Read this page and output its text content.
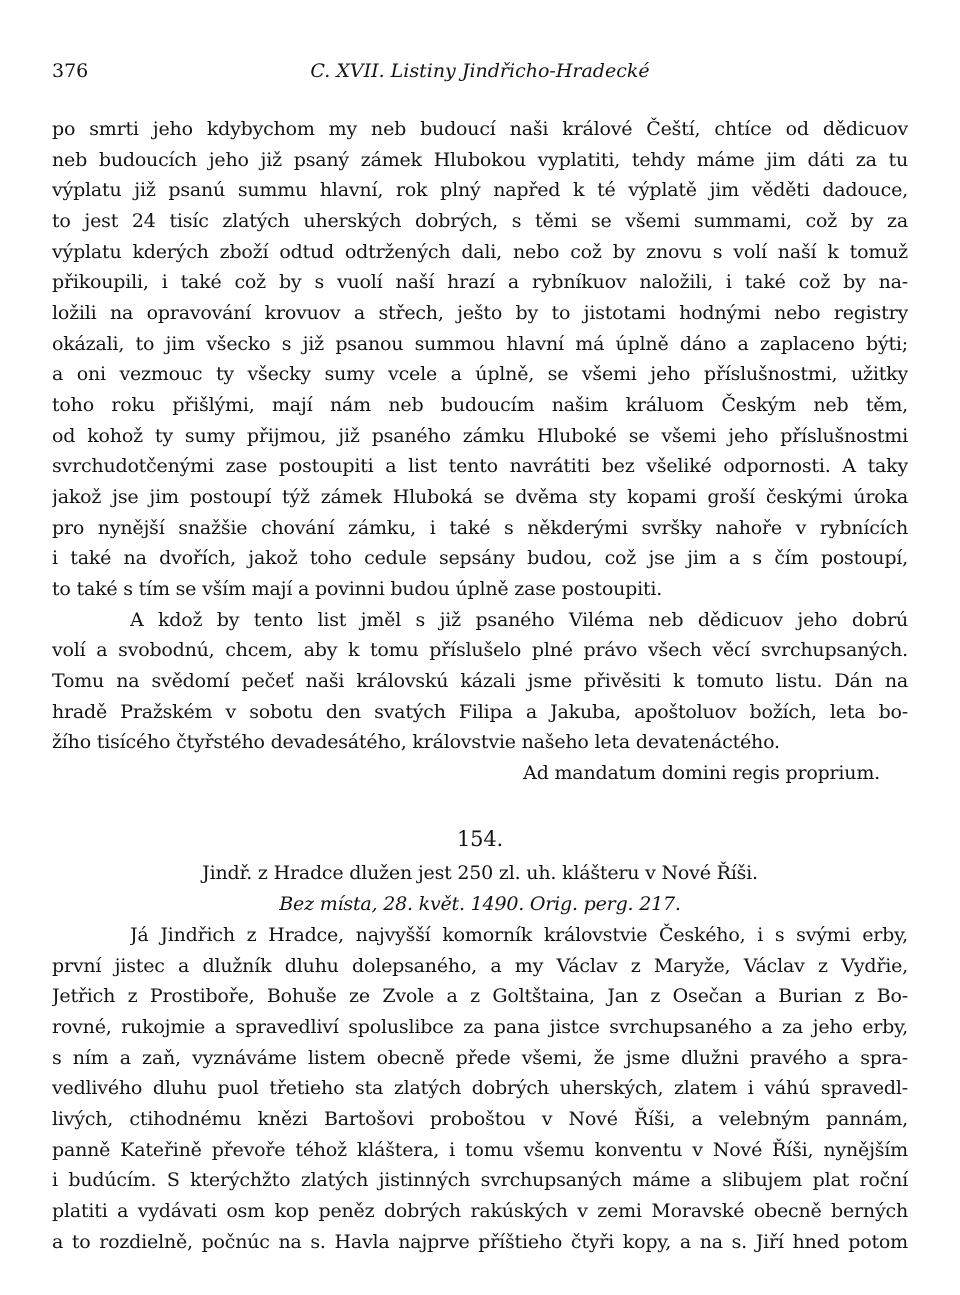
376	C. XVII. Listiny Jindřicho-Hradecké
po smrti jeho kdybychom my neb budoucí naši králové Čeští, chtíce od dědicuov
neb budoucích jeho již psaný zámek Hlubokou vyplatiti, tehdy máme jim dáti za tu
výplatu již psanú summu hlavní, rok plný napřed k té výplatě jim věděti dadouce,
to jest 24 tisíc zlatých uherských dobrých, s těmi se všemi summami, což by za
výplatu kderých zboží odtud odtržených dali, nebo což by znovu s volí naší k tomuž
přikoupili, i také což by s vuolí naší hrazí a rybníkuov naložili, i také což by na-
ložili na opravování krovuov a střech, ješto by to jistotami hodnými nebo registry
okázali, to jim všecko s již psanou summou hlavní má úplně dáno a zaplaceno býti;
a oni vezmouc ty všecky sumy vcele a úplně, se všemi jeho příslušnostmi, užitky
toho roku přišlými, mají nám neb budoucím našim králuom Českým neb těm,
od kohož ty sumy přijmou, již psaného zámku Hluboké se všemi jeho příslušnostmi
svrchudotčenými zase postoupiti a list tento navrátiti bez všeliké odpornosti. A taky
jakož jse jim postoupí týž zámek Hluboká se dvěma sty kopami groší českými úroka
pro nynější snažšie chování zámku, i také s někderými svršky nahoře v rybnících
i také na dvořích, jakož toho cedule sepsány budou, což jse jim a s čím postoupí,
to také s tím se vším mají a povinni budou úplně zase postoupiti.
A kdož by tento list jměl s již psaného Viléma neb dědicuov jeho dobrú
volí a svobodnú, chcem, aby k tomu příslušelo plné právo všech věcí svrchupsaných.
Tomu na svědomí pečeť naši královskú kázali jsme přivěsiti k tomuto listu. Dán na
hradě Pražském v sobotu den svatých Filipa a Jakuba, apoštoluov božích, leta bo-
žího tisícého čtyřstého devadesátého, královstvie našeho leta devatenáctého.
Ad mandatum domini regis proprium.
154.
Jindř. z Hradce dlužen jest 250 zl. uh. klášteru v Nové Říši.
Bez místa, 28. květ. 1490. Orig. perg. 217.
Já Jindřich z Hradce, najvyšší komorník královstvie Českého, i s svými erby,
první jistec a dlužník dluhu dolepsaného, a my Václav z Maryže, Václav z Vydřie,
Jetřich z Prostiboře, Bohuše ze Zvole a z Goltštaina, Jan z Osečan a Burian z Bo-
rovné, rukojmie a spravedliví spoluslibce za pana jistce svrchupsaného a za jeho erby,
s ním a zaň, vyznáváme listem obecně přede všemi, že jsme dlužni pravého a spra-
vedlivého dluhu puol třetieho sta zlatých dobrých uherských, zlatem i váhú spravedl-
livých, ctihodnému knězi Bartošovi proboštou v Nové Říši, a velebným pannám,
panně Kateřině převoře téhož kláštera, i tomu všemu konventu v Nové Říši, nynějším
i budúcím. S kterýchžto zlatých jistinných svrchupsaných máme a slibujem plat roční
platiti a vydávati osm kop peněz dobrých rakúských v zemi Moravské obecně berných
a to rozdielně, počnúc na s. Havla najprve příštieho čtyři kopy, a na s. Jiří hned potom
